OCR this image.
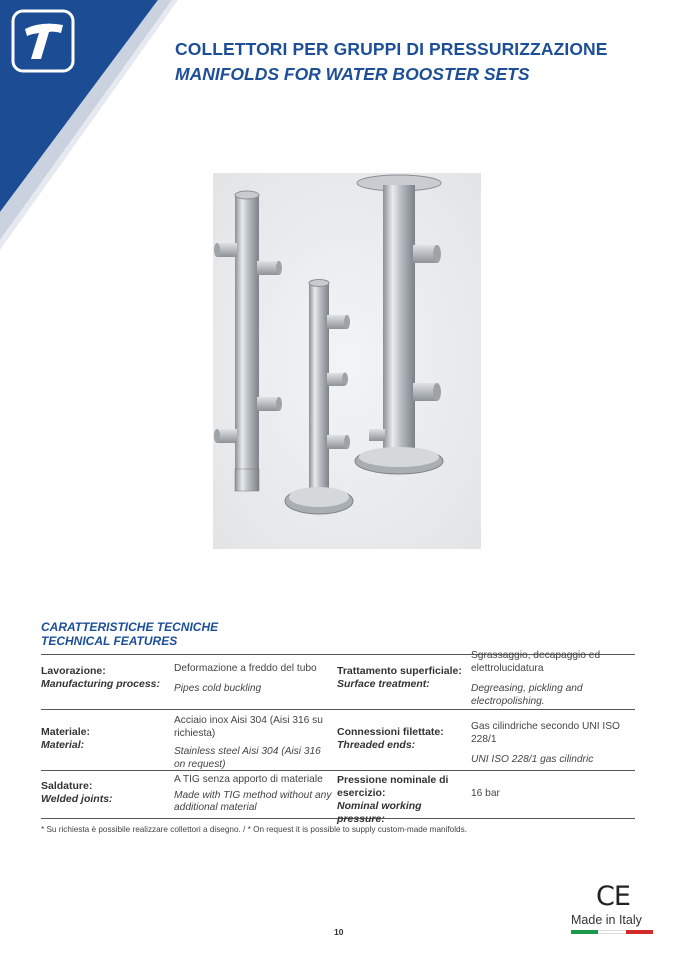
COLLETTORI PER GRUPPI DI PRESSURIZZAZIONE
MANIFOLDS FOR WATER BOOSTER SETS
CARATTERISTICHE TECNICHE
TECHNICAL FEATURES
Lavorazione:
Manufacturing process:
Deformazione a freddo del tubo
Pipes cold buckling
Trattamento superficiale:
Surface treatment:
Sgrassaggio, decapaggio ed elettrolucidatura
Degreasing, pickling and electropolishing.
Materiale:
Material:
Acciaio inox Aisi 304 (Aisi 316 su richiesta)
Stainless steel Aisi 304 (Aisi 316 on request)
Connessioni filettate:
Threaded ends:
Gas cilindriche secondo UNI ISO 228/1
UNI ISO 228/1 gas cilindric
Saldature:
Welded joints:
A TIG senza apporto di materiale
Made with TIG method without any additional material
Pressione nominale di esercizio:
Nominal working pressure:
16 bar
* Su richiesta è possibile realizzare collettori a disegno. / * On request it is possible to supply custom-made manifolds.
CE
Made in Italy
10
